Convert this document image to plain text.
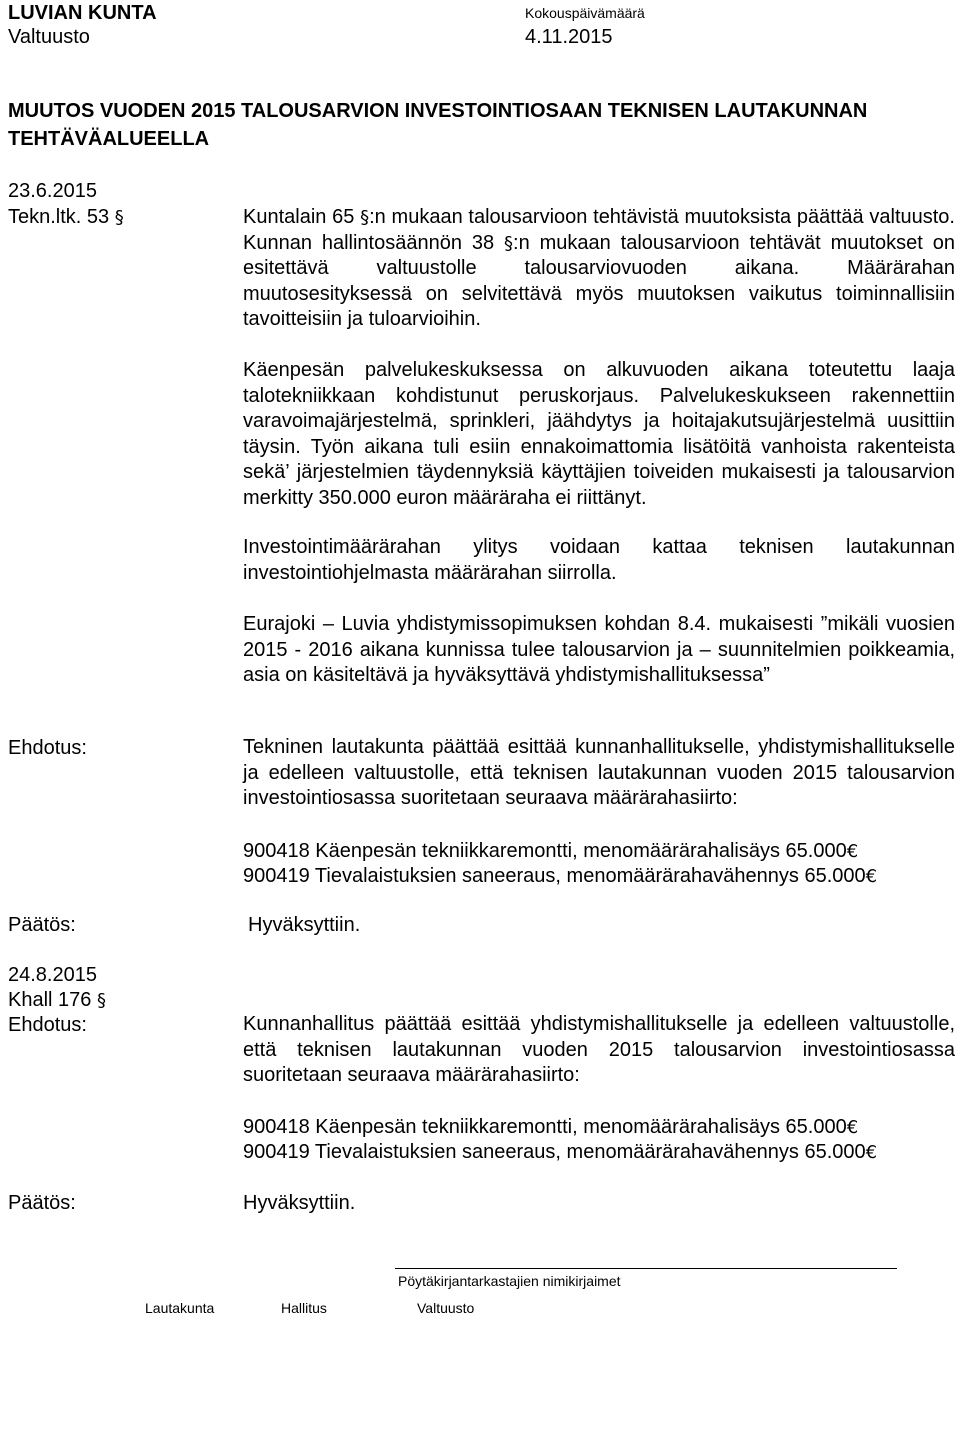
LUVIAN KUNTA
Valtuusto
Kokouspäivämäärä
4.11.2015
MUUTOS VUODEN 2015 TALOUSARVION INVESTOINTIOSAAN TEKNISEN LAUTAKUNNAN
TEHTÄVÄALUEELLA
23.6.2015
Tekn.ltk. 53 §	Kuntalain 65 §:n mukaan talousarvioon tehtävistä muutoksista päättää valtuusto. Kunnan hallintosäännön 38 §:n mukaan talousarvioon tehtävät muutokset on esitettävä valtuustolle talousarviovuoden aikana. Määrärahan muutosesityksessä on selvitettävä myös muutoksen vaikutus toiminnallisiin tavoitteisiin ja tuloarvioihin.
Käenpesän palvelukeskuksessa on alkuvuoden aikana toteutettu laaja talotekniikkaan kohdistunut peruskorjaus. Palvelukeskukseen rakennettiin varavoimajärjestelmä, sprinkleri, jäähdytys ja hoitajakutsujärjestelmä uusittiin täysin. Työn aikana tuli esiin ennakoimattomia lisätöitä vanhoista rakenteista sekä’ järjestelmien täydennyksiä käyttäjien toiveiden mukaisesti ja talousarvion merkitty 350.000 euron määräraha ei riittänyt.
Investointimäärärahan ylitys voidaan kattaa teknisen lautakunnan investointiohjelmasta määrärahan siirrolla.
Eurajoki – Luvia yhdistymissopimuksen kohdan 8.4. mukaisesti ”mikäli vuosien 2015 - 2016 aikana kunnissa tulee talousarvion ja – suunnitelmien poikkeamia, asia on käsiteltävä ja hyväksyttävä yhdistymishallituksessa”
Ehdotus:	Tekninen lautakunta päättää esittää kunnanhallitukselle, yhdistymishallitukselle ja edelleen valtuustolle, että teknisen lautakunnan vuoden 2015 talousarvion investointiosassa suoritetaan seuraava määrärahasiirto:
900418 Käenpesän tekniikkaremontti, menomäärärahalisäys 65.000€
900419 Tievalaistuksien saneeraus, menomäärärahavähennys 65.000€
Päätös:	Hyväksyttiin.
24.8.2015
Khall 176 §
Ehdotus:	Kunnanhallitus päättää esittää yhdistymishallitukselle ja edelleen valtuustolle, että teknisen lautakunnan vuoden 2015 talousarvion investointiosassa suoritetaan seuraava määrärahasiirto:
900418 Käenpesän tekniikkaremontti, menomäärärahalisäys 65.000€
900419 Tievalaistuksien saneeraus, menomäärärahavähennys 65.000€
Päätös:	Hyväksyttiin.
Pöytäkirjantarkastajien nimikirjaimet
Lautakunta	Hallitus	Valtuusto
